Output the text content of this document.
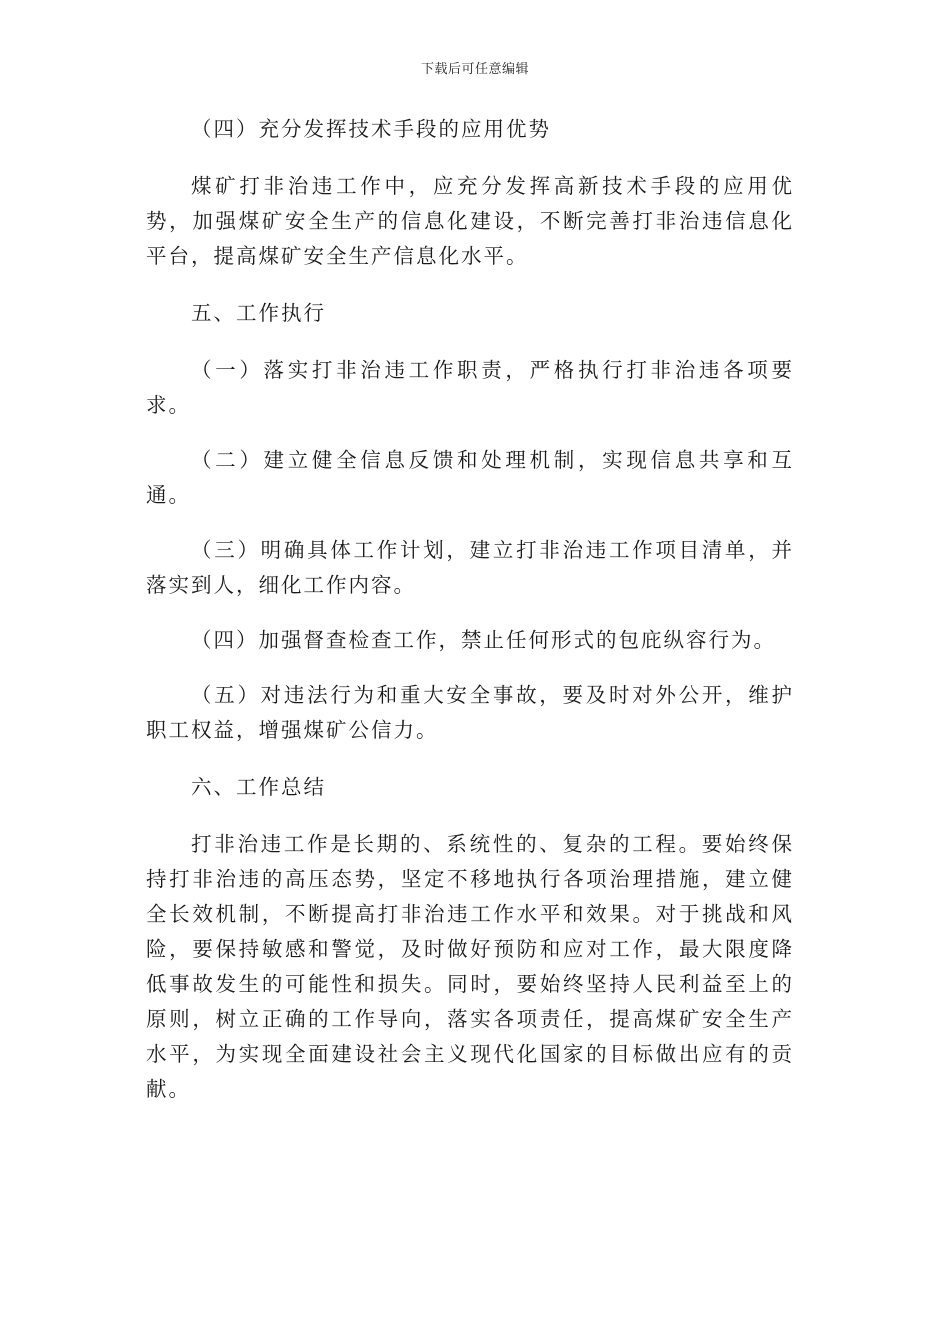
下载后可任意编辑

（四）充分发挥技术手段的应用优势

煤矿打非治违工作中，应充分发挥高新技术手段的应用优势，加强煤矿安全生产的信息化建设，不断完善打非治违信息化平台，提高煤矿安全生产信息化水平。

五、工作执行

（一）落实打非治违工作职责，严格执行打非治违各项要求。

（二）建立健全信息反馈和处理机制，实现信息共享和互通。

（三）明确具体工作计划，建立打非治违工作项目清单，并落实到人，细化工作内容。

（四）加强督查检查工作，禁止任何形式的包庇纵容行为。

（五）对违法行为和重大安全事故，要及时对外公开，维护职工权益，增强煤矿公信力。

六、工作总结

打非治违工作是长期的、系统性的、复杂的工程。要始终保持打非治违的高压态势，坚定不移地执行各项治理措施，建立健全长效机制，不断提高打非治违工作水平和效果。对于挑战和风险，要保持敏感和警觉，及时做好预防和应对工作，最大限度降低事故发生的可能性和损失。同时，要始终坚持人民利益至上的原则，树立正确的工作导向，落实各项责任，提高煤矿安全生产水平，为实现全面建设社会主义现代化国家的目标做出应有的贡献。
